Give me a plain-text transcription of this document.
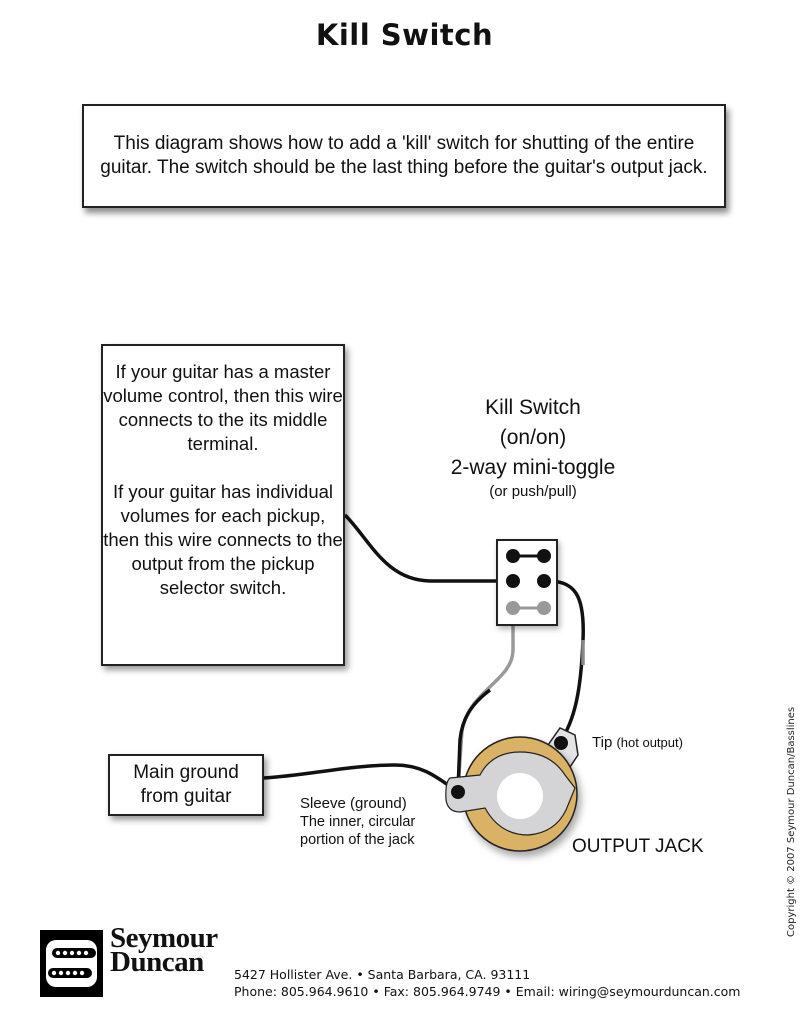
Kill Switch
This diagram shows how to add a 'kill' switch for shutting of the entire guitar. The switch should be the last thing before the guitar's output jack.

If your guitar has a master volume control, then this wire connects to the its middle terminal.

If your guitar has individual volumes for each pickup, then this wire connects to the output from the pickup selector switch.

Main ground
from guitar
Kill Switch
(on/on)
2-way mini-toggle
(or push/pull)
Tip (hot output)
Sleeve (ground)
The inner, circular
portion of the jack	OUTPUT JACK	Copyright © 2007 Seymour Duncan/Basslines
Seymour
Duncan	5427 Hollister Ave. • Santa Barbara, CA. 93111
Phone: 805.964.9610 • Fax: 805.964.9749 • Email: wiring@seymourduncan.com
